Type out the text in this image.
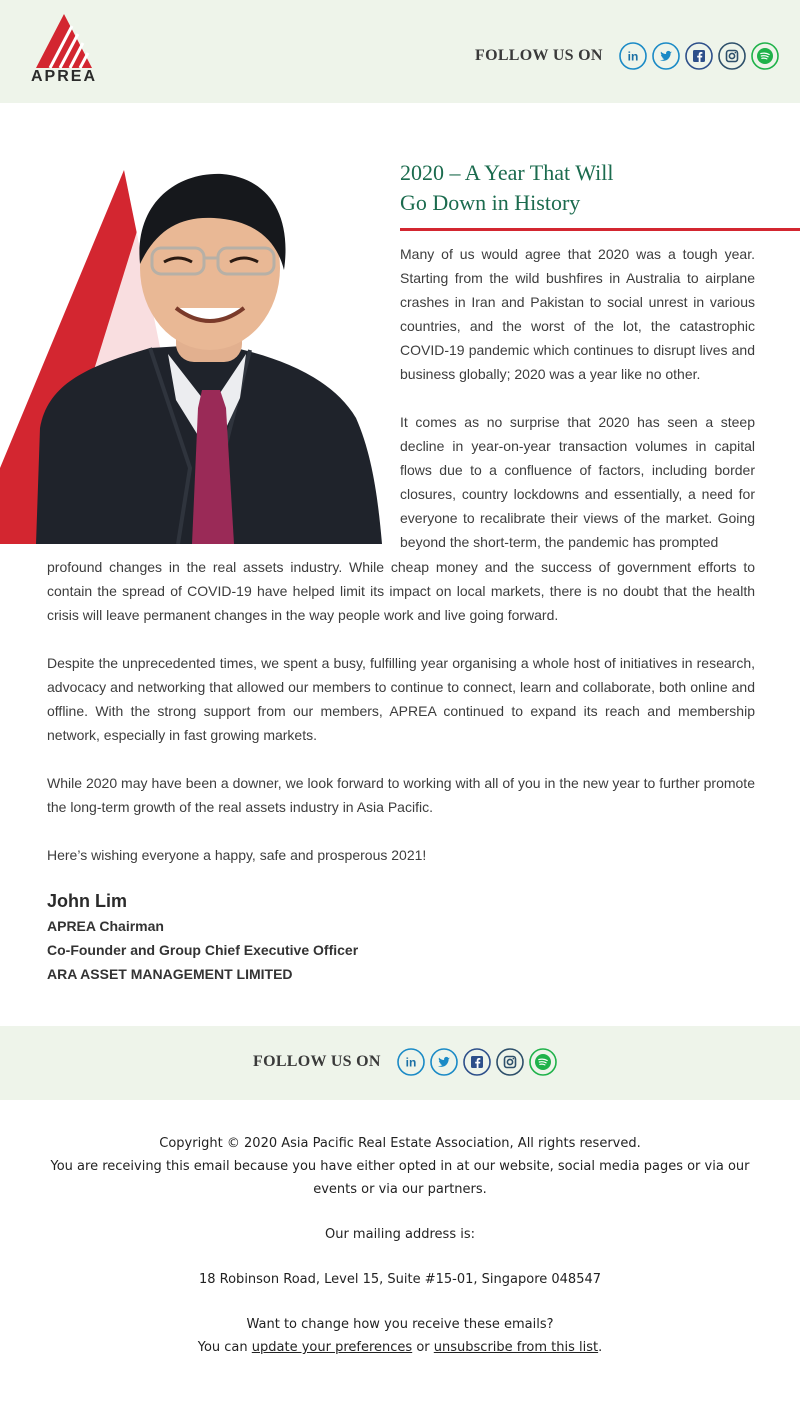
APREA
FOLLOW US ON in
2020 – A Year That Will
Go Down in History

Many of us would agree that 2020 was a tough year. Starting from the wild bushfires in Australia to airplane crashes in Iran and Pakistan to social unrest in various countries, and the worst of the lot, the catastrophic COVID-19 pandemic which continues to disrupt lives and business globally; 2020 was a year like no other.

It comes as no surprise that 2020 has seen a steep decline in year-on-year transaction volumes in capital flows due to a confluence of factors, including border closures, country lockdowns and essentially, a need for everyone to recalibrate their views of the market. Going beyond the short-term, the pandemic has prompted

profound changes in the real assets industry. While cheap money and the success of government efforts to contain the spread of COVID-19 have helped limit its impact on local markets, there is no doubt that the health crisis will leave permanent changes in the way people work and live going forward.

Despite the unprecedented times, we spent a busy, fulfilling year organising a whole host of initiatives in research, advocacy and networking that allowed our members to continue to connect, learn and collaborate, both online and offline. With the strong support from our members, APREA continued to expand its reach and membership network, especially in fast growing markets.

While 2020 may have been a downer, we look forward to working with all of you in the new year to further promote the long-term growth of the real assets industry in Asia Pacific.

Here’s wishing everyone a happy, safe and prosperous 2021!

John Lim
APREA Chairman
Co-Founder and Group Chief Executive Officer
ARA ASSET MANAGEMENT LIMITED
FOLLOW US ON in
Copyright © 2020 Asia Pacific Real Estate Association, All rights reserved.
You are receiving this email because you have either opted in at our website, social media pages or via our events or via our partners.
Our mailing address is:
18 Robinson Road, Level 15, Suite #15-01, Singapore 048547
Want to change how you receive these emails?
You can update your preferences or unsubscribe from this list.
